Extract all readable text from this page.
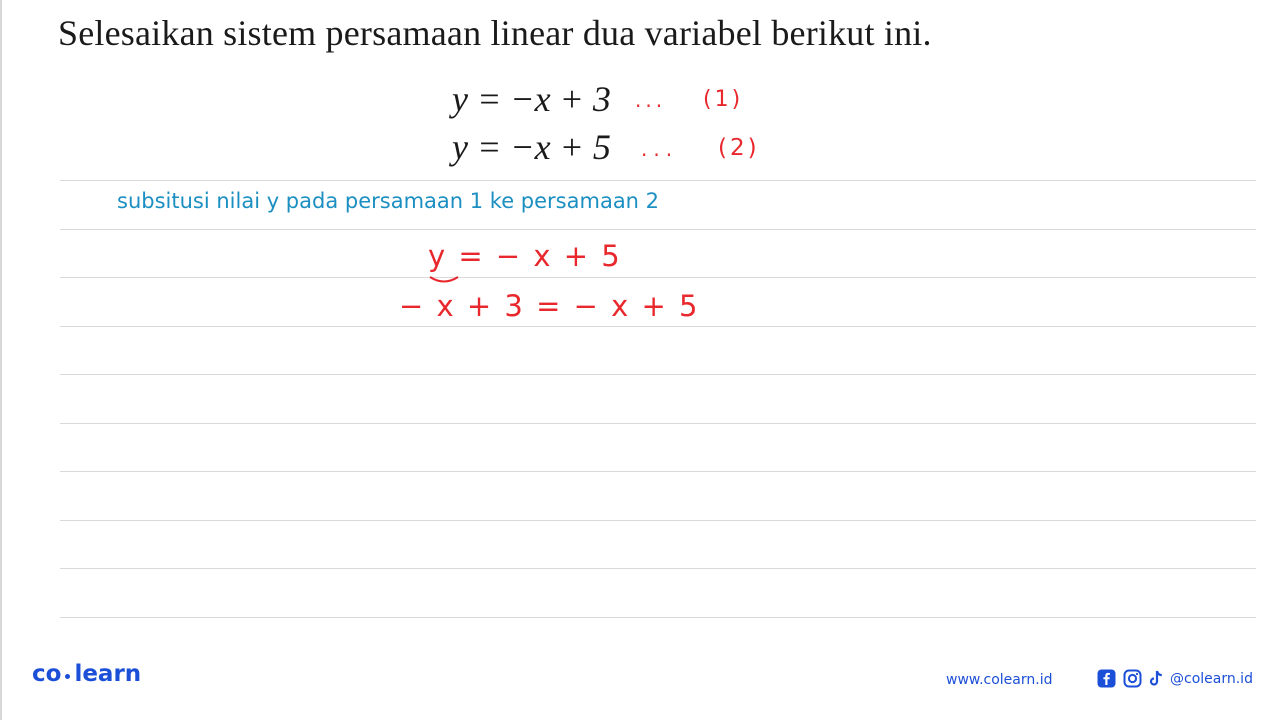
Selesaikan sistem persamaan linear dua variabel berikut ini.
y = −x + 3
y = −x + 5
subsitusi nilai y pada persamaan 1 ke persamaan 2
... (1)
... (2)
y = − x + 5
− x + 3 = − x + 5
co learn	www.colearn.id	@colearn.id
